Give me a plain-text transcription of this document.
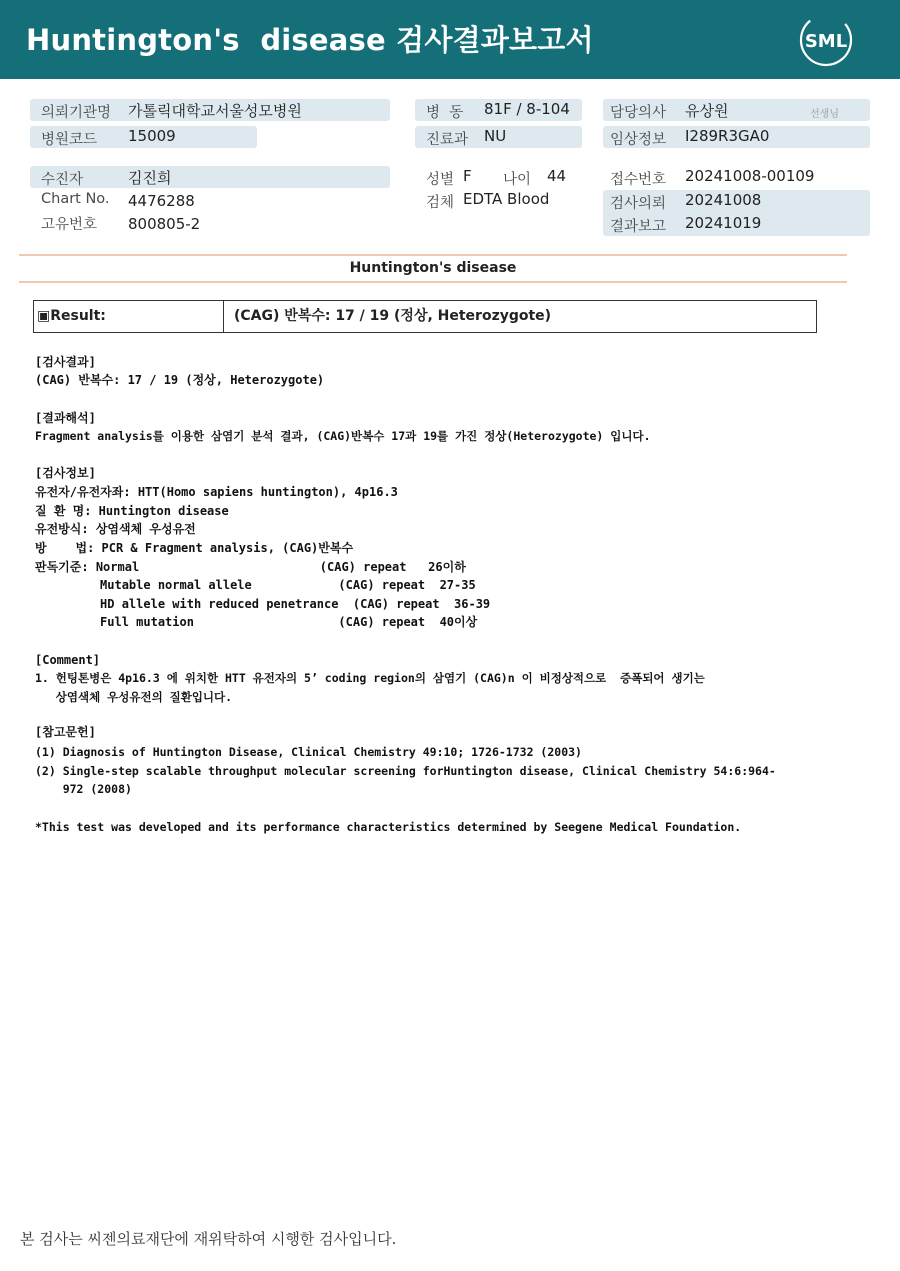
Huntington's  disease 검사결과보고서	SML
의뢰기관명 가톨릭대학교서울성모병원
병원코드 15009
수진자	김진희
Chart No. 4476288
고유번호 800805-2
병  동 81F / 8-104
진료과 NU
성별 F 나이 44
검체 EDTA Blood
담당의사 유상원	선생님
임상정보 I289R3GA0
접수번호 20241008-00109
검사의뢰 20241008
결과보고 20241019
Huntington's disease
▣Result:	(CAG) 반복수: 17 / 19 (정상, Heterozygote)
[검사결과]
(CAG) 반복수: 17 / 19 (정상, Heterozygote)
[결과해석]
Fragment analysis를 이용한 삼염기 분석 결과, (CAG)반복수 17과 19를 가진 정상(Heterozygote) 입니다.
[검사정보]
유전자/유전자좌: HTT(Homo sapiens huntington), 4p16.3
질 환 명: Huntington disease
유전방식: 상염색체 우성유전
방    법: PCR & Fragment analysis, (CAG)반복수
판독기준: Normal                         (CAG) repeat   26이하
Mutable normal allele            (CAG) repeat  27-35
HD allele with reduced penetrance  (CAG) repeat  36-39
Full mutation                    (CAG) repeat  40이상
[Comment]
1. 헌팅톤병은 4p16.3 에 위치한 HTT 유전자의 5’ coding region의 삼염기 (CAG)n 이 비정상적으로  증폭되어 생기는
상염색체 우성유전의 질환입니다.
[참고문헌]
(1) Diagnosis of Huntington Disease, Clinical Chemistry 49:10; 1726-1732 (2003)
(2) Single-step scalable throughput molecular screening forHuntington disease, Clinical Chemistry 54:6:964-
972 (2008)
*This test was developed and its performance characteristics determined by Seegene Medical Foundation.
본 검사는 씨젠의료재단에 재위탁하여 시행한 검사입니다.
